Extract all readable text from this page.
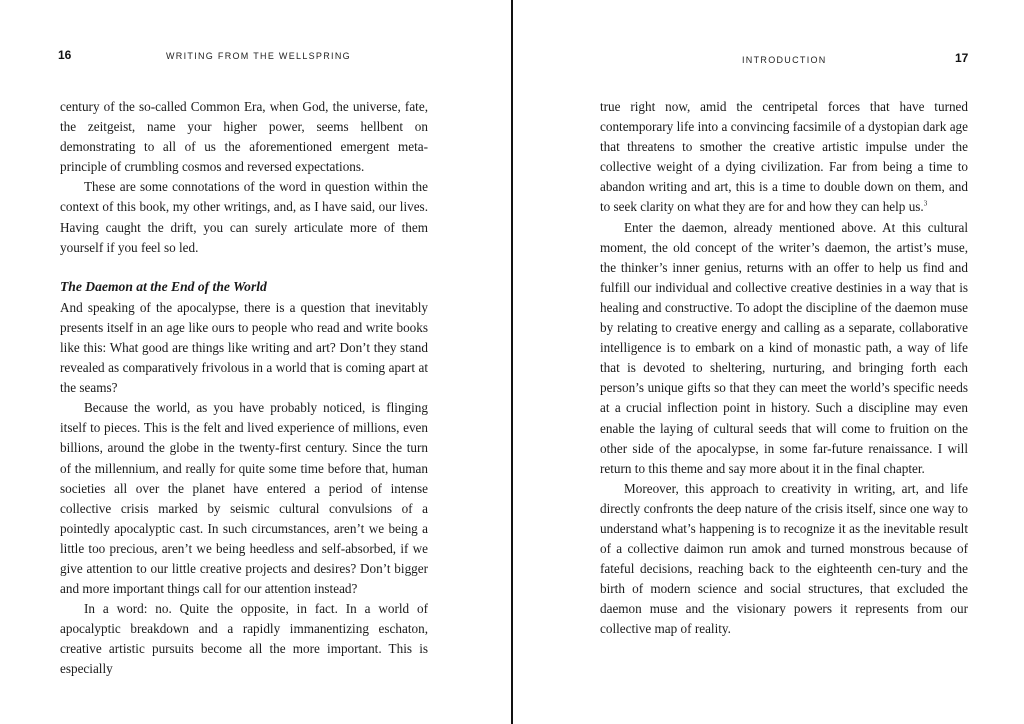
16	WRITING FROM THE WELLSPRING

century of the so-called Common Era, when God, the universe, fate, the zeitgeist, name your higher power, seems hellbent on demonstrating to all of us the aforementioned emergent meta-principle of crumbling cosmos and reversed expectations.

These are some connotations of the word in question within the context of this book, my other writings, and, as I have said, our lives. Having caught the drift, you can surely articulate more of them yourself if you feel so led.

The Daemon at the End of the World

And speaking of the apocalypse, there is a question that inevitably presents itself in an age like ours to people who read and write books like this: What good are things like writing and art? Don’t they stand revealed as comparatively frivolous in a world that is coming apart at the seams?

Because the world, as you have probably noticed, is flinging itself to pieces. This is the felt and lived experience of millions, even billions, around the globe in the twenty-first century. Since the turn of the millennium, and really for quite some time before that, human societies all over the planet have entered a period of intense collective crisis marked by seismic cultural convulsions of a pointedly apocalyptic cast. In such circumstances, aren’t we being a little too precious, aren’t we being heedless and self-absorbed, if we give attention to our little creative projects and desires? Don’t bigger and more important things call for our attention instead?

In a word: no. Quite the opposite, in fact. In a world of apocalyptic breakdown and a rapidly immanentizing eschaton, creative artistic pursuits become all the more important. This is especially

INTRODUCTION	17

true right now, amid the centripetal forces that have turned contemporary life into a convincing facsimile of a dystopian dark age that threatens to smother the creative artistic impulse under the collective weight of a dying civilization. Far from being a time to abandon writing and art, this is a time to double down on them, and to seek clarity on what they are for and how they can help us.$^3$

Enter the daemon, already mentioned above. At this cultural moment, the old concept of the writer’s daemon, the artist’s muse, the thinker’s inner genius, returns with an offer to help us find and fulfill our individual and collective creative destinies in a way that is healing and constructive. To adopt the discipline of the daemon muse by relating to creative energy and calling as a separate, collaborative intelligence is to embark on a kind of monastic path, a way of life that is devoted to sheltering, nurturing, and bringing forth each person’s unique gifts so that they can meet the world’s specific needs at a crucial inflection point in history. Such a discipline may even enable the laying of cultural seeds that will come to fruition on the other side of the apocalypse, in some far-future renaissance. I will return to this theme and say more about it in the final chapter.

Moreover, this approach to creativity in writing, art, and life directly confronts the deep nature of the crisis itself, since one way to understand what’s happening is to recognize it as the inevitable result of a collective daimon run amok and turned monstrous because of fateful decisions, reaching back to the eighteenth cen-tury and the birth of modern science and social structures, that excluded the daemon muse and the visionary powers it represents from our collective map of reality.
